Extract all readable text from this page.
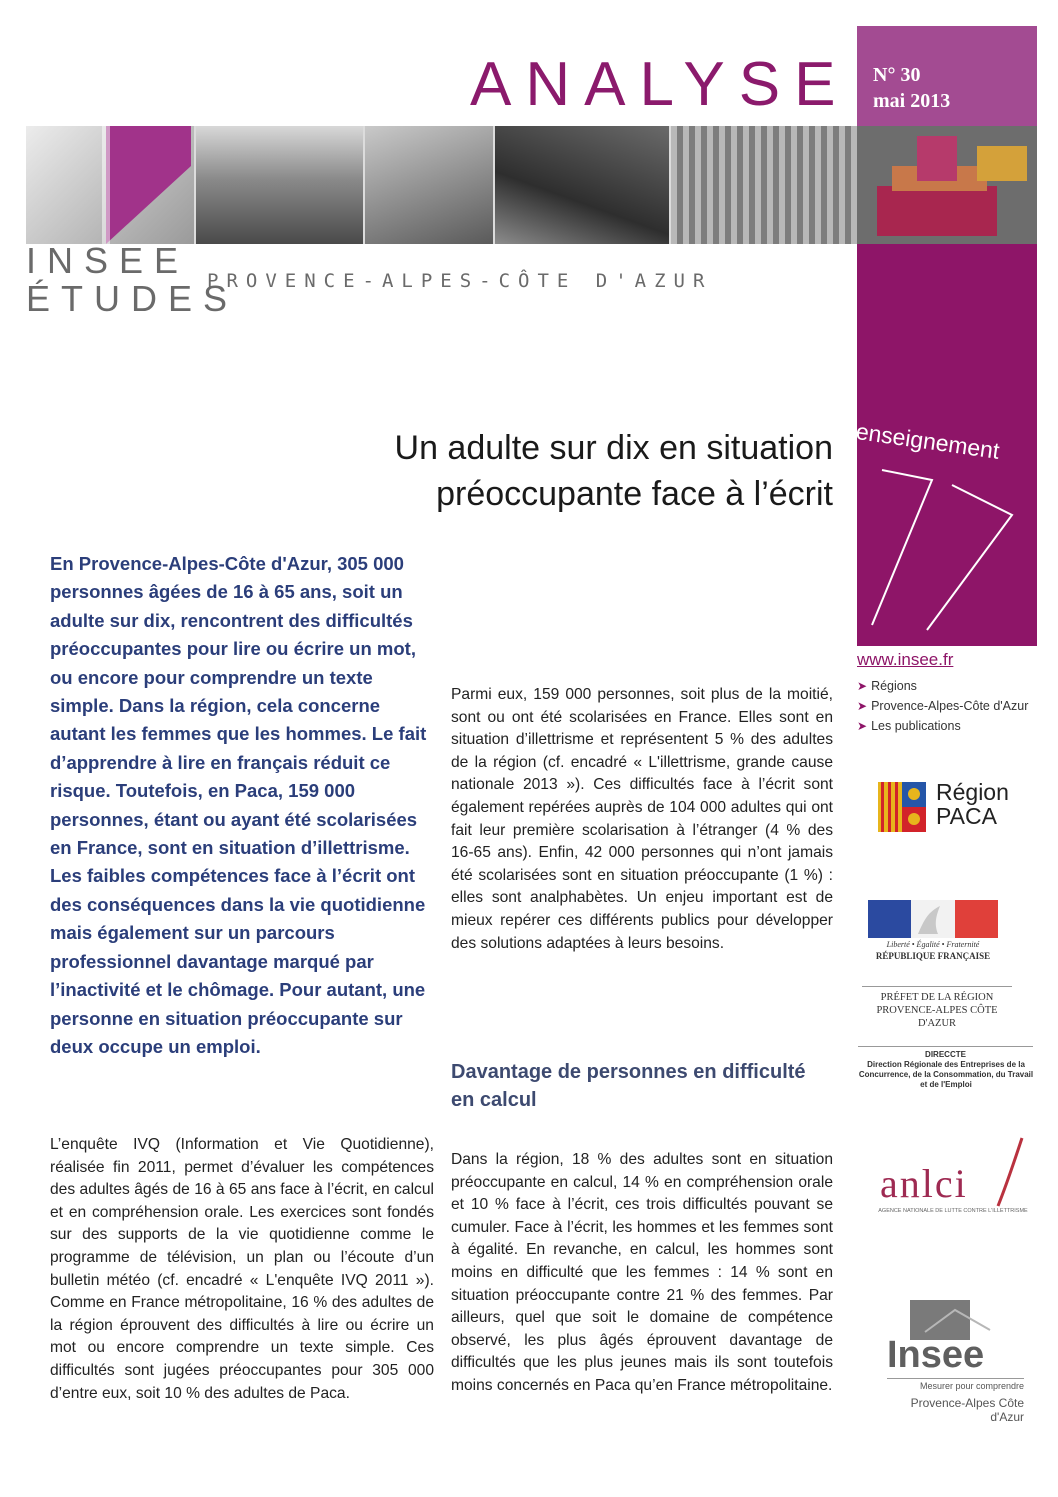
ANALYSE N° 30
mai 2013
INSEE
ÉTUDES
PROVENCE-ALPES-CÔTE D'AZUR
enseignement
Un adulte sur dix en situation
préoccupante face à l’écrit
En Provence-Alpes-Côte d'Azur, 305 000 personnes âgées de 16 à 65 ans, soit un adulte sur dix, rencontrent des difficultés préoccupantes pour lire ou écrire un mot, ou encore pour comprendre un texte simple. Dans la région, cela concerne autant les femmes que les hommes. Le fait d’apprendre à lire en français réduit ce risque. Toutefois, en Paca, 159 000 personnes, étant ou ayant été scolarisées en France, sont en situation d’illettrisme. Les faibles compétences face à l’écrit ont des conséquences dans la vie quotidienne mais également sur un parcours professionnel davantage marqué par l’inactivité et le chômage. Pour autant, une personne en situation préoccupante sur deux occupe un emploi.
L’enquête IVQ (Information et Vie Quotidienne), réalisée fin 2011, permet d’évaluer les compétences des adultes âgés de 16 à 65 ans face à l’écrit, en calcul et en compréhension orale. Les exercices sont fondés sur des supports de la vie quotidienne comme le programme de télévision, un plan ou l’écoute d’un bulletin météo (cf. encadré « L'enquête IVQ 2011 »). Comme en France métropolitaine, 16 % des adultes de la région éprouvent des difficultés à lire ou écrire un mot ou encore comprendre un texte simple. Ces difficultés sont jugées préoccupantes pour 305 000 d’entre eux, soit 10 % des adultes de Paca.
Parmi eux, 159 000 personnes, soit plus de la moitié, sont ou ont été scolarisées en France. Elles sont en situation d’illettrisme et représentent 5 % des adultes de la région (cf. encadré « L'illettrisme, grande cause nationale 2013 »). Ces difficultés face à l’écrit sont également repérées auprès de 104 000 adultes qui ont fait leur première scolarisation à l’étranger (4 % des 16-65 ans). Enfin, 42 000 personnes qui n’ont jamais été scolarisées sont en situation préoccupante (1 %) : elles sont analphabètes. Un enjeu important est de mieux repérer ces différents publics pour développer des solutions adaptées à leurs besoins.
Davantage de personnes en difficulté en calcul
Dans la région, 18 % des adultes sont en situation préoccupante en calcul, 14 % en compréhension orale et 10 % face à l’écrit, ces trois difficultés pouvant se cumuler. Face à l’écrit, les hommes et les femmes sont à égalité. En revanche, en calcul, les hommes sont moins en difficulté que les femmes : 14 % sont en situation préoccupante contre 21 % des femmes. Par ailleurs, quel que soit le domaine de compétence observé, les plus âgés éprouvent davantage de difficultés que les plus jeunes mais ils sont toutefois moins concernés en Paca qu’en France métropolitaine.
www.insee.fr
➤ Régions
➤ Provence-Alpes-Côte d'Azur
➤ Les publications
Région
PACA
Liberté • Égalité • Fraternité
RÉPUBLIQUE FRANÇAISE
PRÉFET DE LA RÉGION PROVENCE-ALPES CÔTE D'AZUR
DIRECCTE
Direction Régionale des Entreprises de la Concurrence, de la Consommation, du Travail et de l'Emploi
anlci
AGENCE NATIONALE DE LUTTE CONTRE L'ILLETTRISME
Insee
Mesurer pour comprendre
Provence-Alpes Côte d'Azur
